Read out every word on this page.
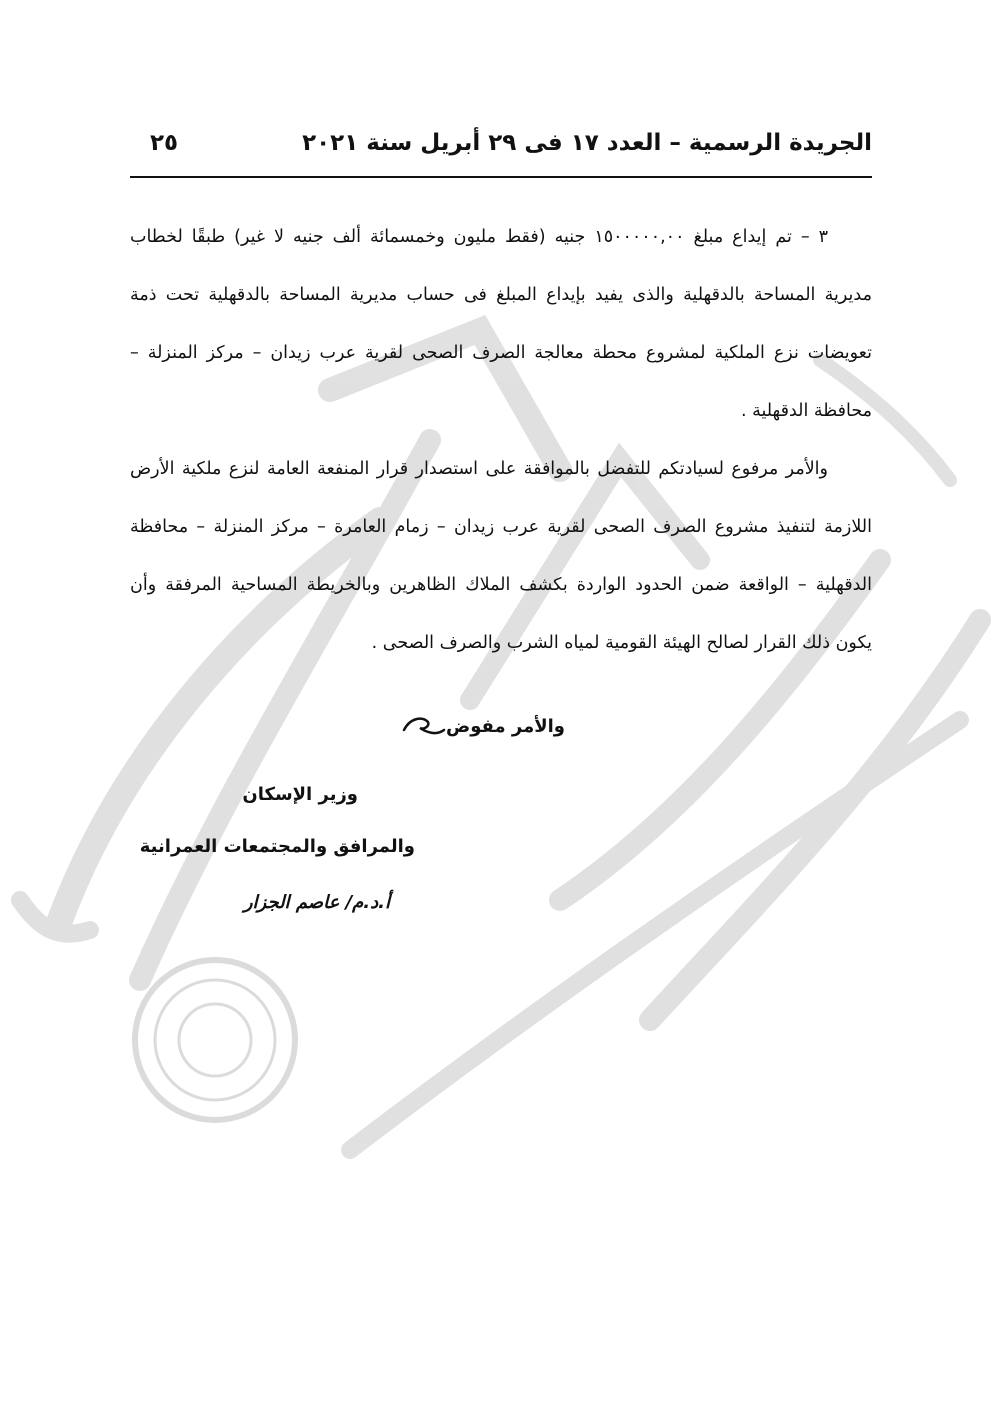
الجريدة الرسمية – العدد ١٧ فى ٢٩ أبريل سنة ٢٠٢١
٢٥

٣ – تم إيداع مبلغ ١٥٠٠٠٠٠,٠٠ جنيه (فقط مليون وخمسمائة ألف جنيه لا غير) طبقًا لخطاب مديرية المساحة بالدقهلية والذى يفيد بإيداع المبلغ فى حساب مديرية المساحة بالدقهلية تحت ذمة تعويضات نزع الملكية لمشروع محطة معالجة الصرف الصحى لقرية عرب زيدان – مركز المنزلة – محافظة الدقهلية .

والأمر مرفوع لسيادتكم للتفضل بالموافقة على استصدار قرار المنفعة العامة لنزع ملكية الأرض اللازمة لتنفيذ مشروع الصرف الصحى لقرية عرب زيدان – زمام العامرة – مركز المنزلة – محافظة الدقهلية – الواقعة ضمن الحدود الواردة بكشف الملاك الظاهرين وبالخريطة المساحية المرفقة وأن يكون ذلك القرار لصالح الهيئة القومية لمياه الشرب والصرف الصحى .

والأمر مفوض
وزير الإسكان
والمرافق والمجتمعات العمرانية
أ.د.م/ عاصم الجزار
